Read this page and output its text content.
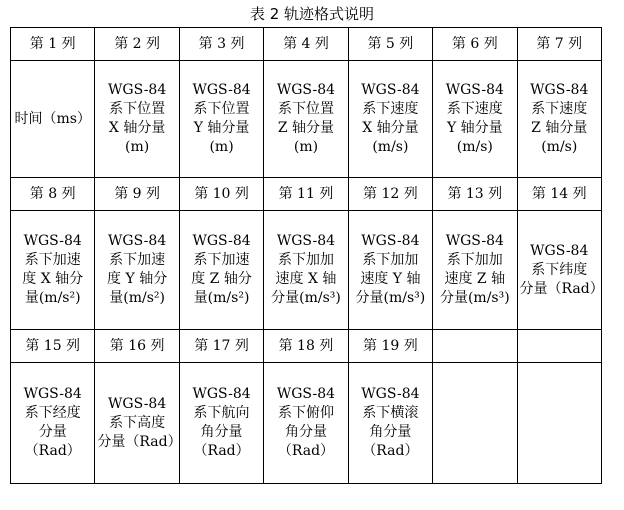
表 2 轨迹格式说明
第 1 列	第 2 列	第 3 列	第 4 列	第 5 列	第 6 列	第 7 列
时间（ms）	WGS-84
系下位置
X 轴分量
(m)	WGS-84
系下位置
Y 轴分量
(m)	WGS-84
系下位置
Z 轴分量
(m)	WGS-84
系下速度
X 轴分量
(m/s)	WGS-84
系下速度
Y 轴分量
(m/s)	WGS-84
系下速度
Z 轴分量
(m/s)
第 8 列	第 9 列	第 10 列	第 11 列	第 12 列	第 13 列	第 14 列
WGS-84
系下加速
度 X 轴分
量(m/s²)	WGS-84
系下加速
度 Y 轴分
量(m/s²)	WGS-84
系下加速
度 Z 轴分
量(m/s²)	WGS-84
系下加加
速度 X 轴
分量(m/s³)	WGS-84
系下加加
速度 Y 轴
分量(m/s³)	WGS-84
系下加加
速度 Z 轴
分量(m/s³)	WGS-84
系下纬度
分量（Rad）
第 15 列	第 16 列	第 17 列	第 18 列	第 19 列		
WGS-84
系下经度
分量
（Rad）	WGS-84
系下高度
分量（Rad）	WGS-84
系下航向
角分量
（Rad）	WGS-84
系下俯仰
角分量
（Rad）	WGS-84
系下横滚
角分量
（Rad）		
